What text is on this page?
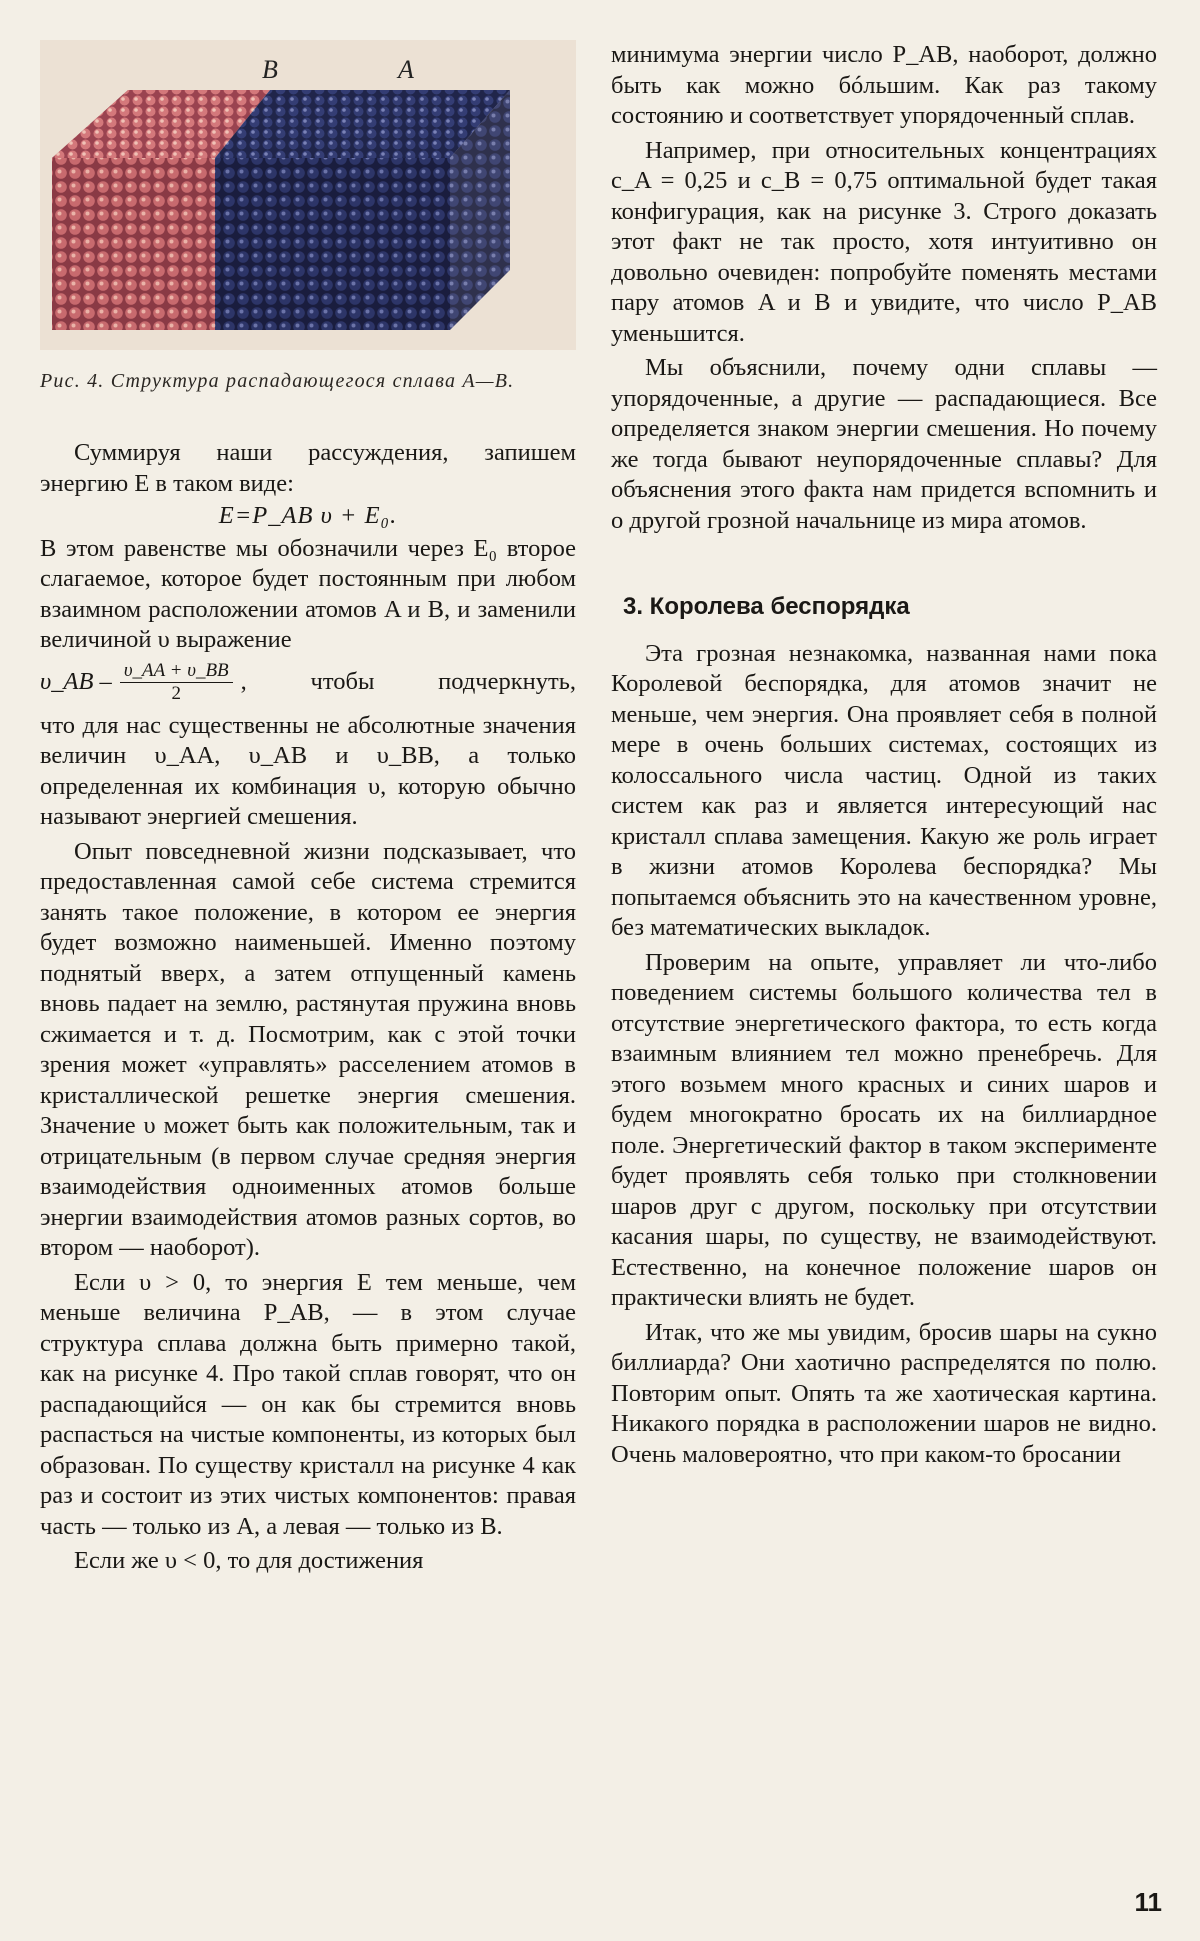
B	A
Рис. 4. Структура распадающегося сплава A—B.

Суммируя наши рассуждения, запишем энергию E в таком виде:

E=P_AB υ + E₀.

В этом равенстве мы обозначили через E₀ второе слагаемое, которое будет постоянным при любом взаимном расположении атомов A и B, и заменили величиной υ выражение

υ_AB – $\frac{\upsilon\_AA + \upsilon\_BB}{2}$ , чтобы подчеркнуть,

что для нас существенны не абсолютные значения величин υ_AA, υ_AB и υ_BB, а только определенная их комбинация υ, которую обычно называют энергией смешения.

Опыт повседневной жизни подсказывает, что предоставленная самой себе система стремится занять такое положение, в котором ее энергия будет возможно наименьшей. Именно поэтому поднятый вверх, а затем отпущенный камень вновь падает на землю, растянутая пружина вновь сжимается и т. д. Посмотрим, как с этой точки зрения может «управлять» расселением атомов в кристаллической решетке энергия смешения. Значение υ может быть как положительным, так и отрицательным (в первом случае средняя энергия взаимодействия одноименных атомов больше энергии взаимодействия атомов разных сортов, во втором — наоборот).

Если υ > 0, то энергия E тем меньше, чем меньше величина P_AB, — в этом случае структура сплава должна быть примерно такой, как на рисунке 4. Про такой сплав говорят, что он распадающийся — он как бы стремится вновь распасться на чистые компоненты, из которых был образован. По существу кристалл на рисунке 4 как раз и состоит из этих чистых компонентов: правая часть — только из A, а левая — только из B.

Если же υ < 0, то для достижения

минимума энергии число P_AB, наоборот, должно быть как можно бóльшим. Как раз такому состоянию и соответствует упорядоченный сплав.

Например, при относительных концентрациях c_A = 0,25 и c_B = 0,75 оптимальной будет такая конфигурация, как на рисунке 3. Строго доказать этот факт не так просто, хотя интуитивно он довольно очевиден: попробуйте поменять местами пару атомов A и B и увидите, что число P_AB уменьшится.

Мы объяснили, почему одни сплавы — упорядоченные, а другие — распадающиеся. Все определяется знаком энергии смешения. Но почему же тогда бывают неупорядоченные сплавы? Для объяснения этого факта нам придется вспомнить и о другой грозной начальнице из мира атомов.

3. Королева беспорядка

Эта грозная незнакомка, названная нами пока Королевой беспорядка, для атомов значит не меньше, чем энергия. Она проявляет себя в полной мере в очень больших системах, состоящих из колоссального числа частиц. Одной из таких систем как раз и является интересующий нас кристалл сплава замещения. Какую же роль играет в жизни атомов Королева беспорядка? Мы попытаемся объяснить это на качественном уровне, без математических выкладок.

Проверим на опыте, управляет ли что-либо поведением системы большого количества тел в отсутствие энергетического фактора, то есть когда взаимным влиянием тел можно пренебречь. Для этого возьмем много красных и синих шаров и будем многократно бросать их на биллиардное поле. Энергетический фактор в таком эксперименте будет проявлять себя только при столкновении шаров друг с другом, поскольку при отсутствии касания шары, по существу, не взаимодействуют. Естественно, на конечное положение шаров он практически влиять не будет.

Итак, что же мы увидим, бросив шары на сукно биллиарда? Они хаотично распределятся по полю. Повторим опыт. Опять та же хаотическая картина. Никакого порядка в расположении шаров не видно. Очень маловероятно, что при каком-то бросании

11
